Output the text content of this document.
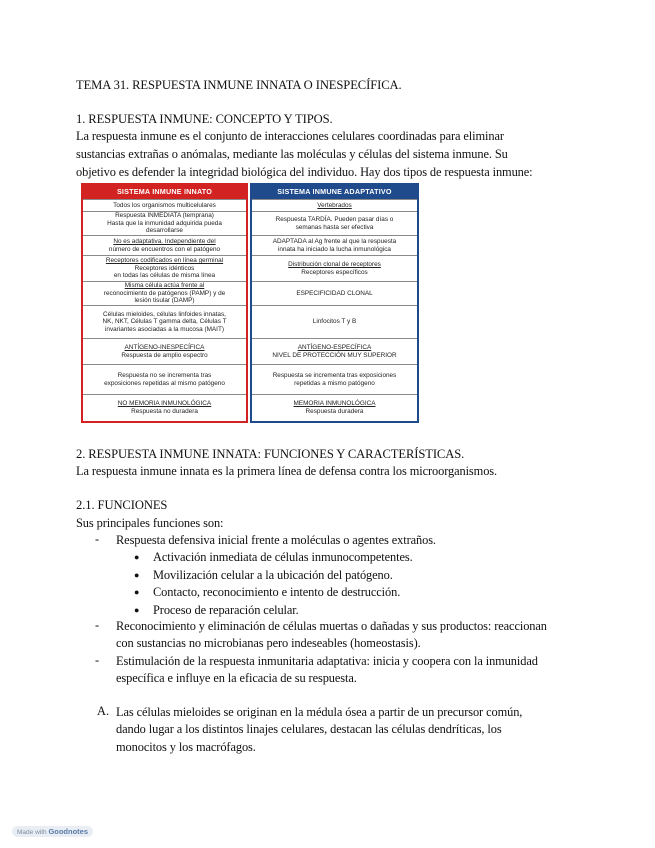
TEMA 31. RESPUESTA INMUNE INNATA O INESPECÍFICA.
1. RESPUESTA INMUNE: CONCEPTO Y TIPOS.
La respuesta inmune es el conjunto de interacciones celulares coordinadas para eliminar
sustancias extrañas o anómalas, mediante las moléculas y células del sistema inmune. Su
objetivo es defender la integridad biológica del individuo. Hay dos tipos de respuesta inmune:
SISTEMA INMUNE INNATO
Todos los organismos multicelulares
Respuesta INMEDIATA (temprana)
Hasta que la inmunidad adquirida pueda
desarrollarse
No es adaptativa. Independiente del
número de encuentros con el patógeno
Receptores codificados en línea germinal
Receptores idénticos
en todas las células de misma línea
Misma célula actúa frente al
reconocimiento de patógenos (PAMP) y de
lesión tisular (DAMP)
Células mieloides, células linfoides innatas,
NK, NKT, Células T gamma delta, Células T
invariantes asociadas a la mucosa (MAIT)
ANTÍGENO-INESPECÍFICA
Respuesta de amplio espectro
Respuesta no se incrementa tras
exposiciones repetidas al mismo patógeno
NO MEMORIA INMUNOLÓGICA
Respuesta no duradera
SISTEMA INMUNE ADAPTATIVO
Vertebrados
Respuesta TARDÍA. Pueden pasar días o
semanas hasta ser efectiva
ADAPTADA al Ag frente al que la respuesta
innata ha iniciado la lucha inmunológica
Distribución clonal de receptores
Receptores específicos
ESPECIFICIDAD CLONAL
Linfocitos T y B
ANTÍGENO-ESPECÍFICA
NIVEL DE PROTECCIÓN MUY SUPERIOR
Respuesta se incrementa tras exposiciones
repetidas a mismo patógeno
MEMORIA INMUNOLÓGICA
Respuesta duradera
2. RESPUESTA INMUNE INNATA: FUNCIONES Y CARACTERÍSTICAS.
La respuesta inmune innata es la primera línea de defensa contra los microorganismos.
2.1. FUNCIONES
Sus principales funciones son:
- Respuesta defensiva inicial frente a moléculas o agentes extraños.
● Activación inmediata de células inmunocompetentes.
● Movilización celular a la ubicación del patógeno.
● Contacto, reconocimiento e intento de destrucción.
● Proceso de reparación celular.
- Reconocimiento y eliminación de células muertas o dañadas y sus productos: reaccionan
con sustancias no microbianas pero indeseables (homeostasis).
- Estimulación de la respuesta inmunitaria adaptativa: inicia y coopera con la inmunidad
específica e influye en la eficacia de su respuesta.
A. Las células mieloides se originan en la médula ósea a partir de un precursor común,
dando lugar a los distintos linajes celulares, destacan las células dendríticas, los
monocitos y los macrófagos.
Made with Goodnotes
